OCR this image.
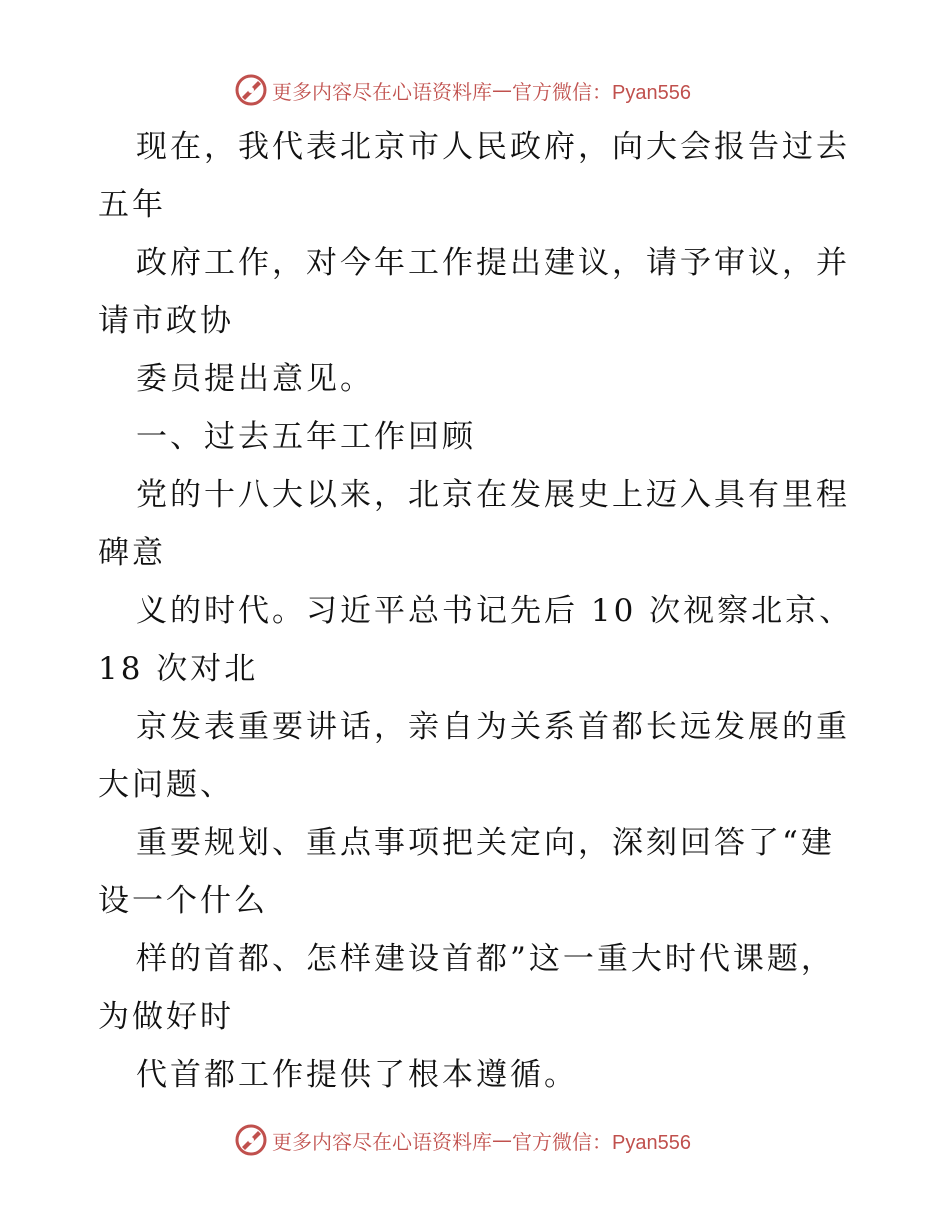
更多内容尽在心语资料库 — 官方微信：Pyan556
现在，我代表北京市人民政府，向大会报告过去
五年
政府工作，对今年工作提出建议，请予审议，并
请市政协
委员提出意见。
一、过去五年工作回顾
党的十八大以来，北京在发展史上迈入具有里程
碑意
义的时代。习近平总书记先后 10 次视察北京、
18 次对北
京发表重要讲话，亲自为关系首都长远发展的重
大问题、
重要规划、重点事项把关定向，深刻回答了“建
设一个什么
样的首都、怎样建设首都”这一重大时代课题，
为做好时
代首都工作提供了根本遵循。
更多内容尽在心语资料库 — 官方微信：Pyan556
